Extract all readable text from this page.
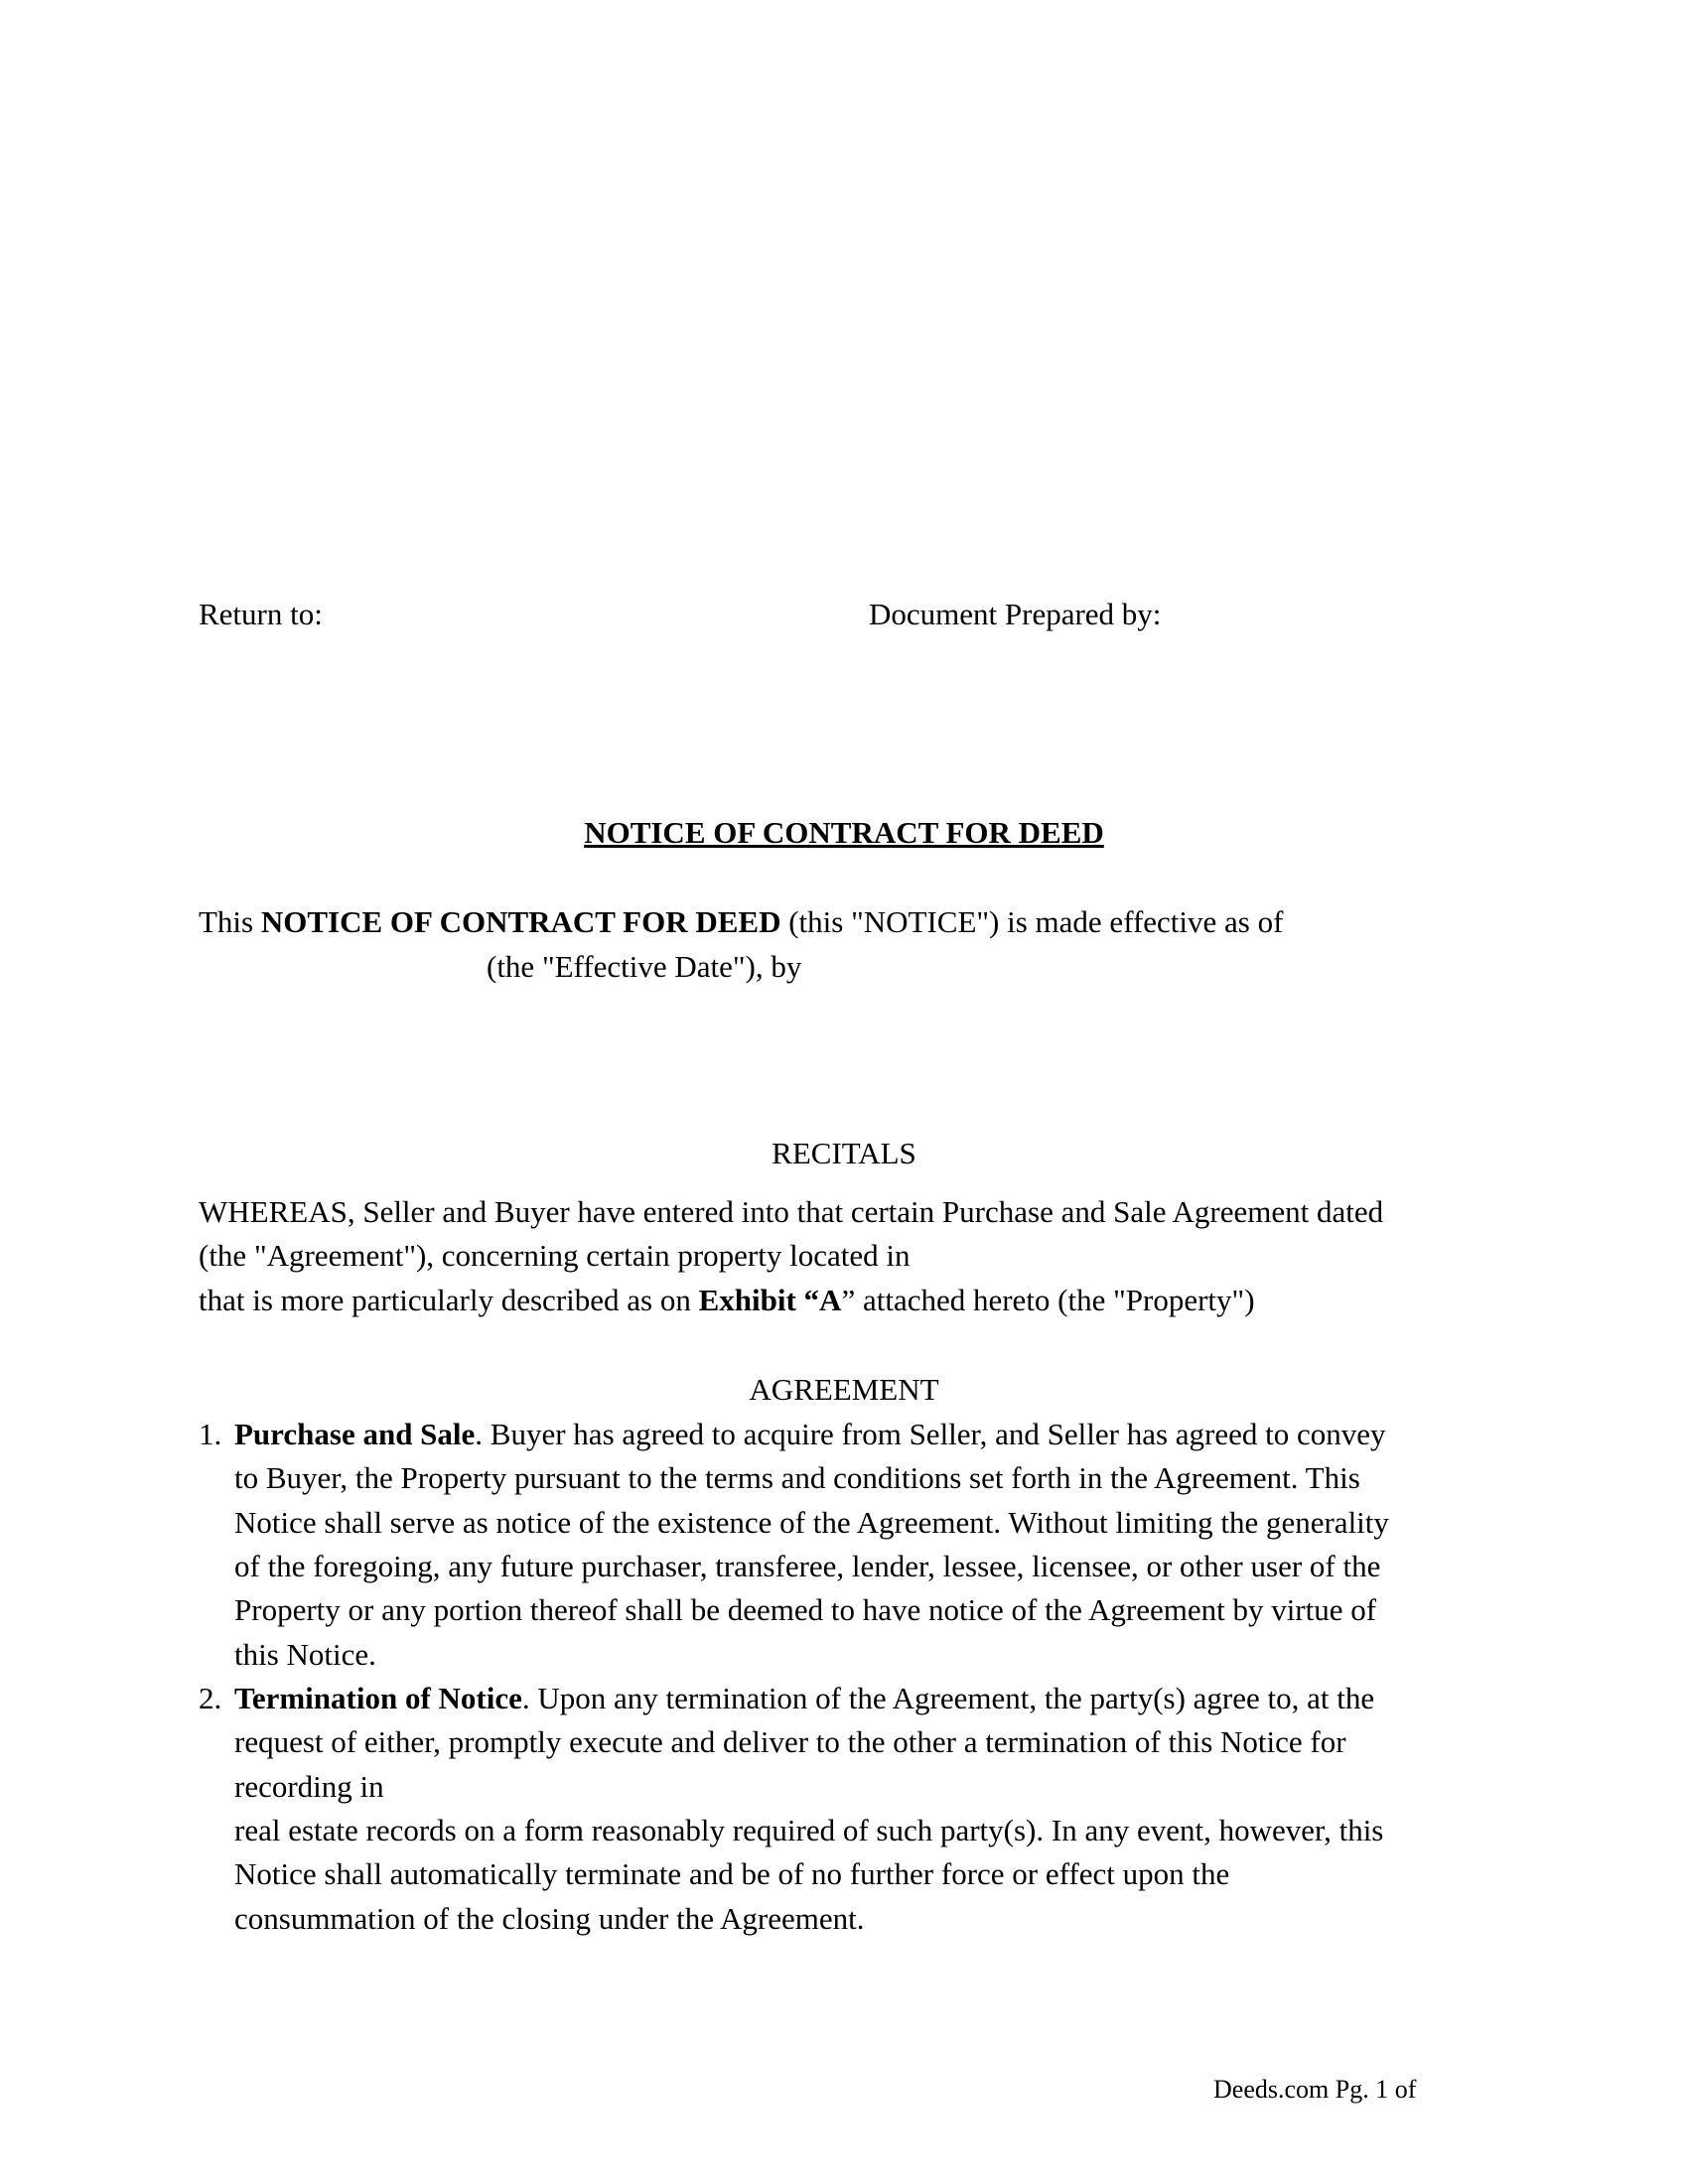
Return to:	Document Prepared by:
NOTICE OF CONTRACT FOR DEED
This NOTICE OF CONTRACT FOR DEED (this "NOTICE") is made effective as of
(the "Effective Date"), by
RECITALS
WHEREAS, Seller and Buyer have entered into that certain Purchase and Sale Agreement dated
(the "Agreement"), concerning certain property located in
that is more particularly described as on Exhibit “A” attached hereto (the "Property")
AGREEMENT
1. Purchase and Sale. Buyer has agreed to acquire from Seller, and Seller has agreed to convey
to Buyer, the Property pursuant to the terms and conditions set forth in the Agreement. This
Notice shall serve as notice of the existence of the Agreement. Without limiting the generality
of the foregoing, any future purchaser, transferee, lender, lessee, licensee, or other user of the
Property or any portion thereof shall be deemed to have notice of the Agreement by virtue of
this Notice.
2. Termination of Notice. Upon any termination of the Agreement, the party(s) agree to, at the
request of either, promptly execute and deliver to the other a termination of this Notice for
recording in
real estate records on a form reasonably required of such party(s). In any event, however, this
Notice shall automatically terminate and be of no further force or effect upon the
consummation of the closing under the Agreement.
Deeds.com Pg. 1 of
